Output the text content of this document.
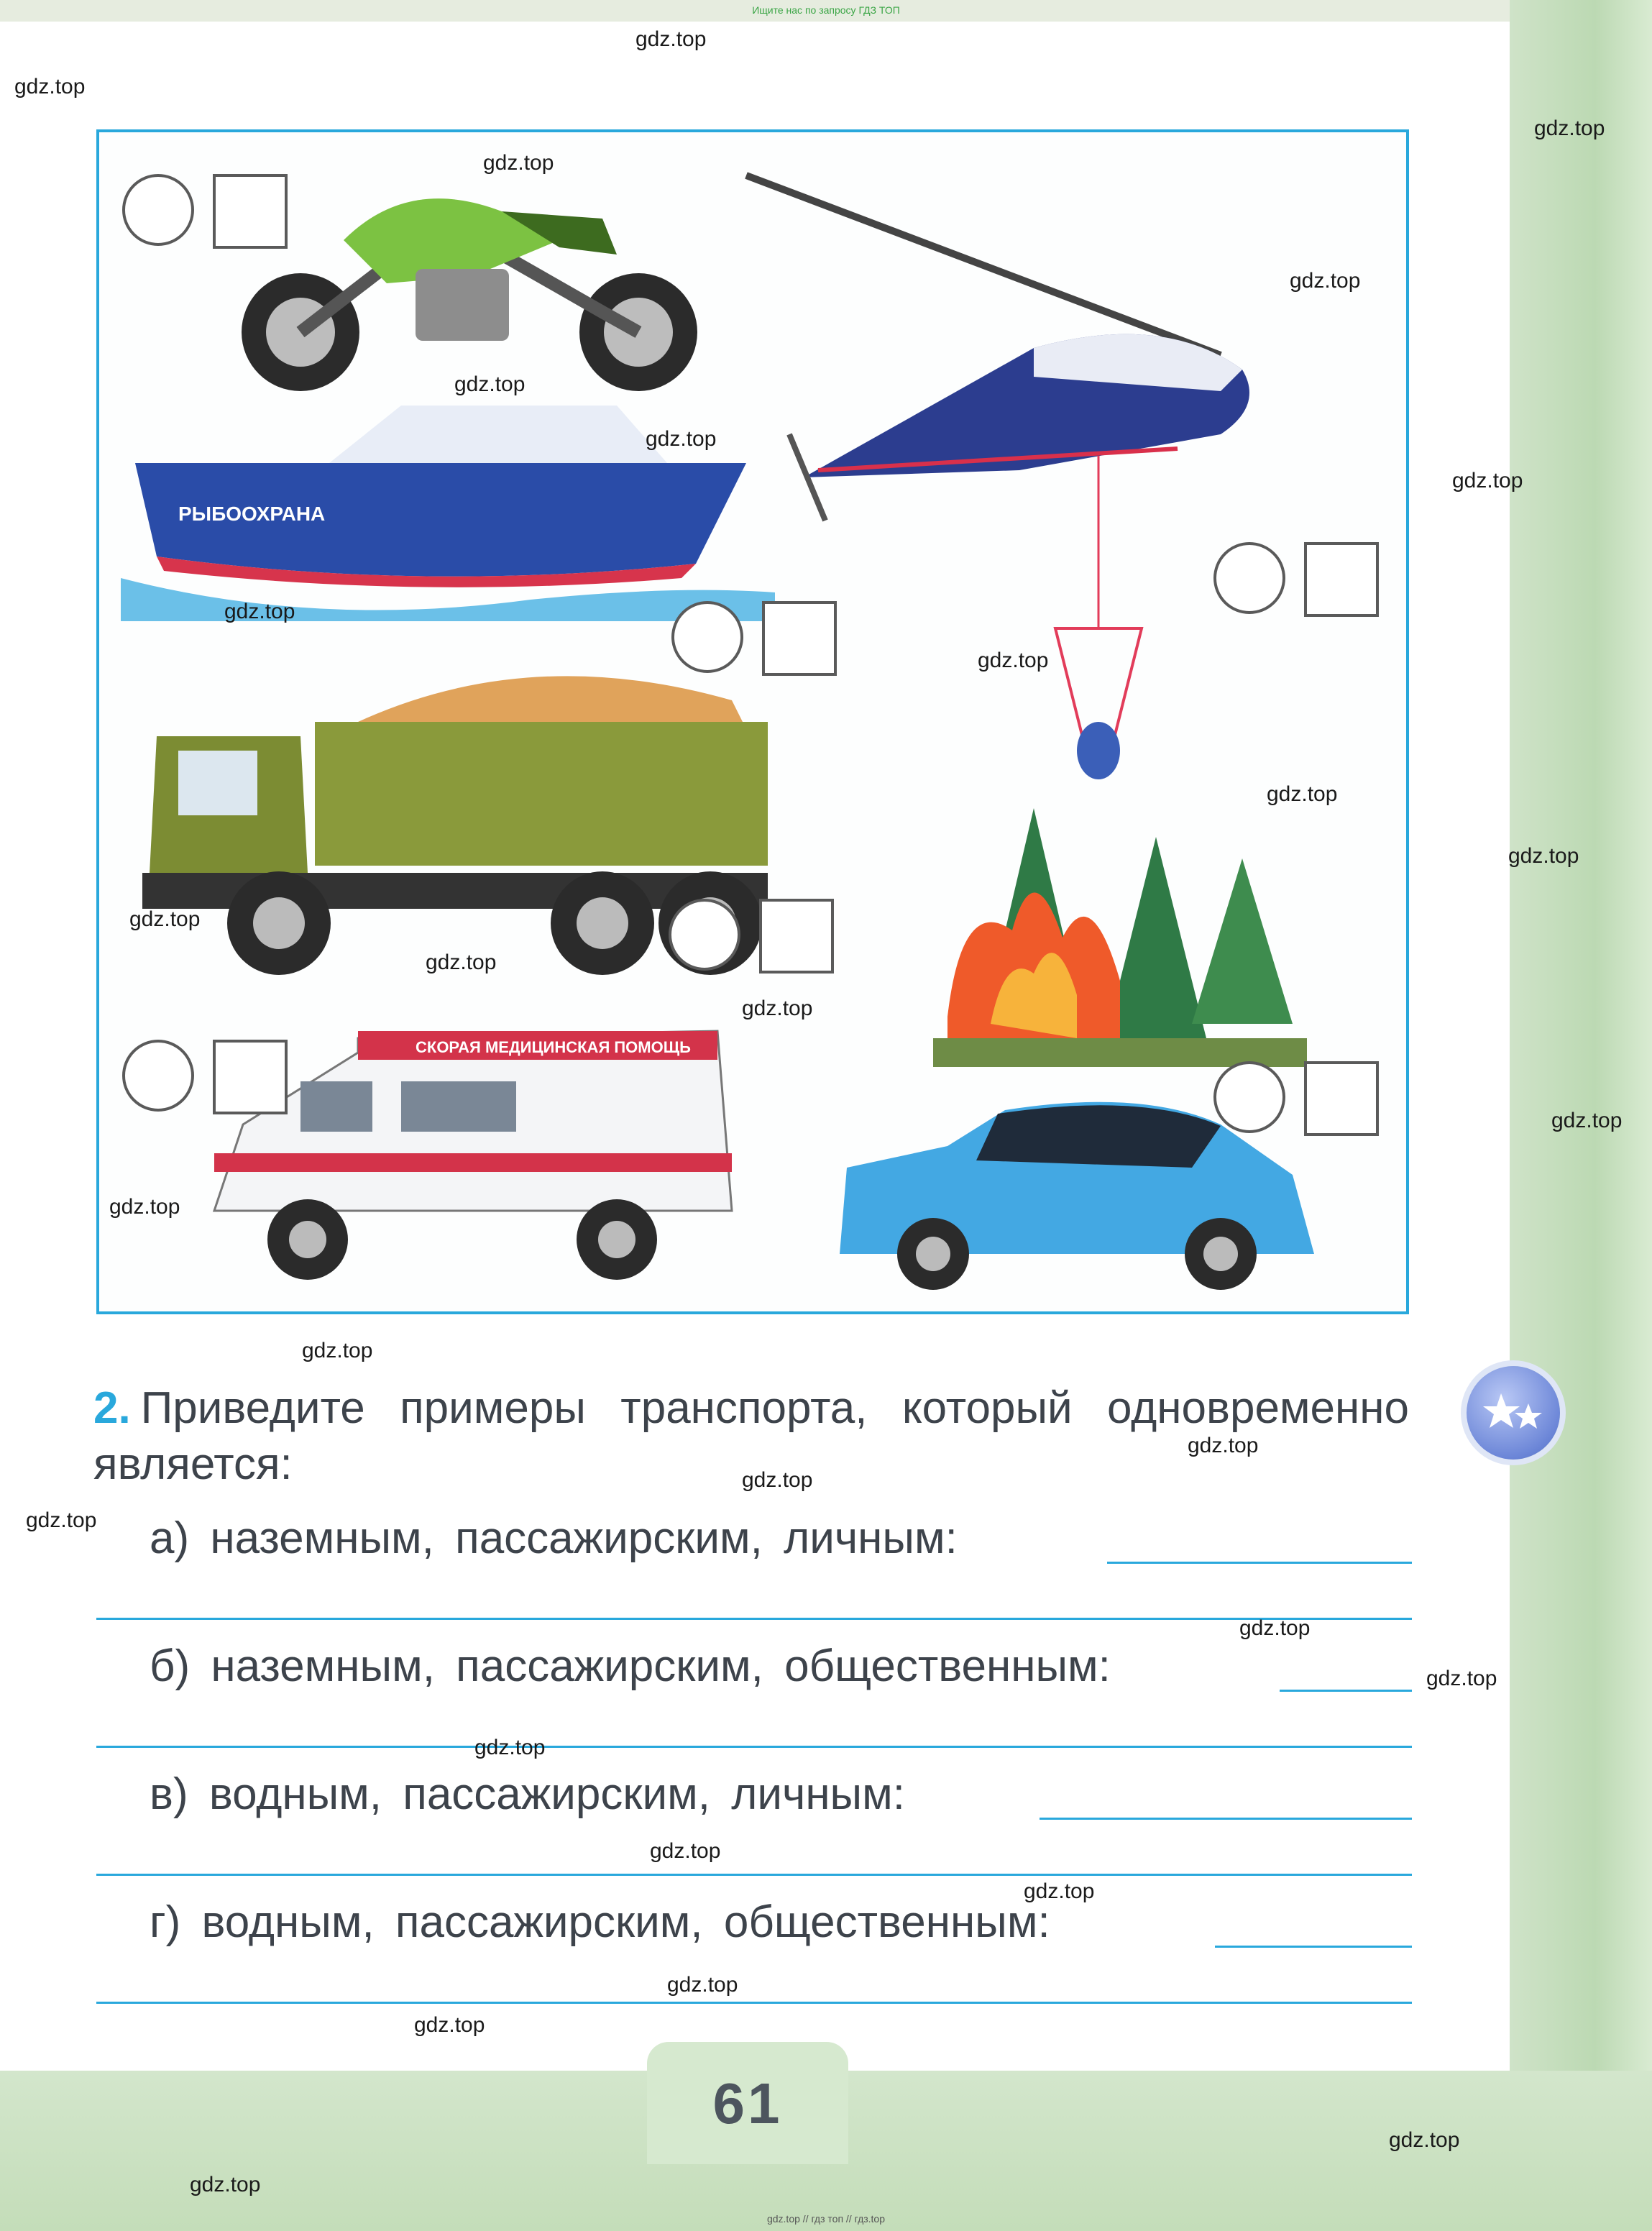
61
Ищите нас по запросу ГДЗ ТОП
gdz.top // гдз топ // гдз.top
РЫБООХРАНА
СКОРАЯ МЕДИЦИНСКАЯ ПОМОЩЬ
2. Приведите примеры транспорта, который одновременно является:
а) наземным, пассажирским, личным:
б) наземным, пассажирским, общественным:
в) водным, пассажирским, личным:
г) водным, пассажирским, общественным:
gdz.top
gdz.top
gdz.top
gdz.top
gdz.top
gdz.top
gdz.top
gdz.top
gdz.top
gdz.top
gdz.top
gdz.top
gdz.top
gdz.top
gdz.top
gdz.top
gdz.top
gdz.top
gdz.top
gdz.top
gdz.top
gdz.top
gdz.top
gdz.top
gdz.top
gdz.top
gdz.top
gdz.top
gdz.top
gdz.top
